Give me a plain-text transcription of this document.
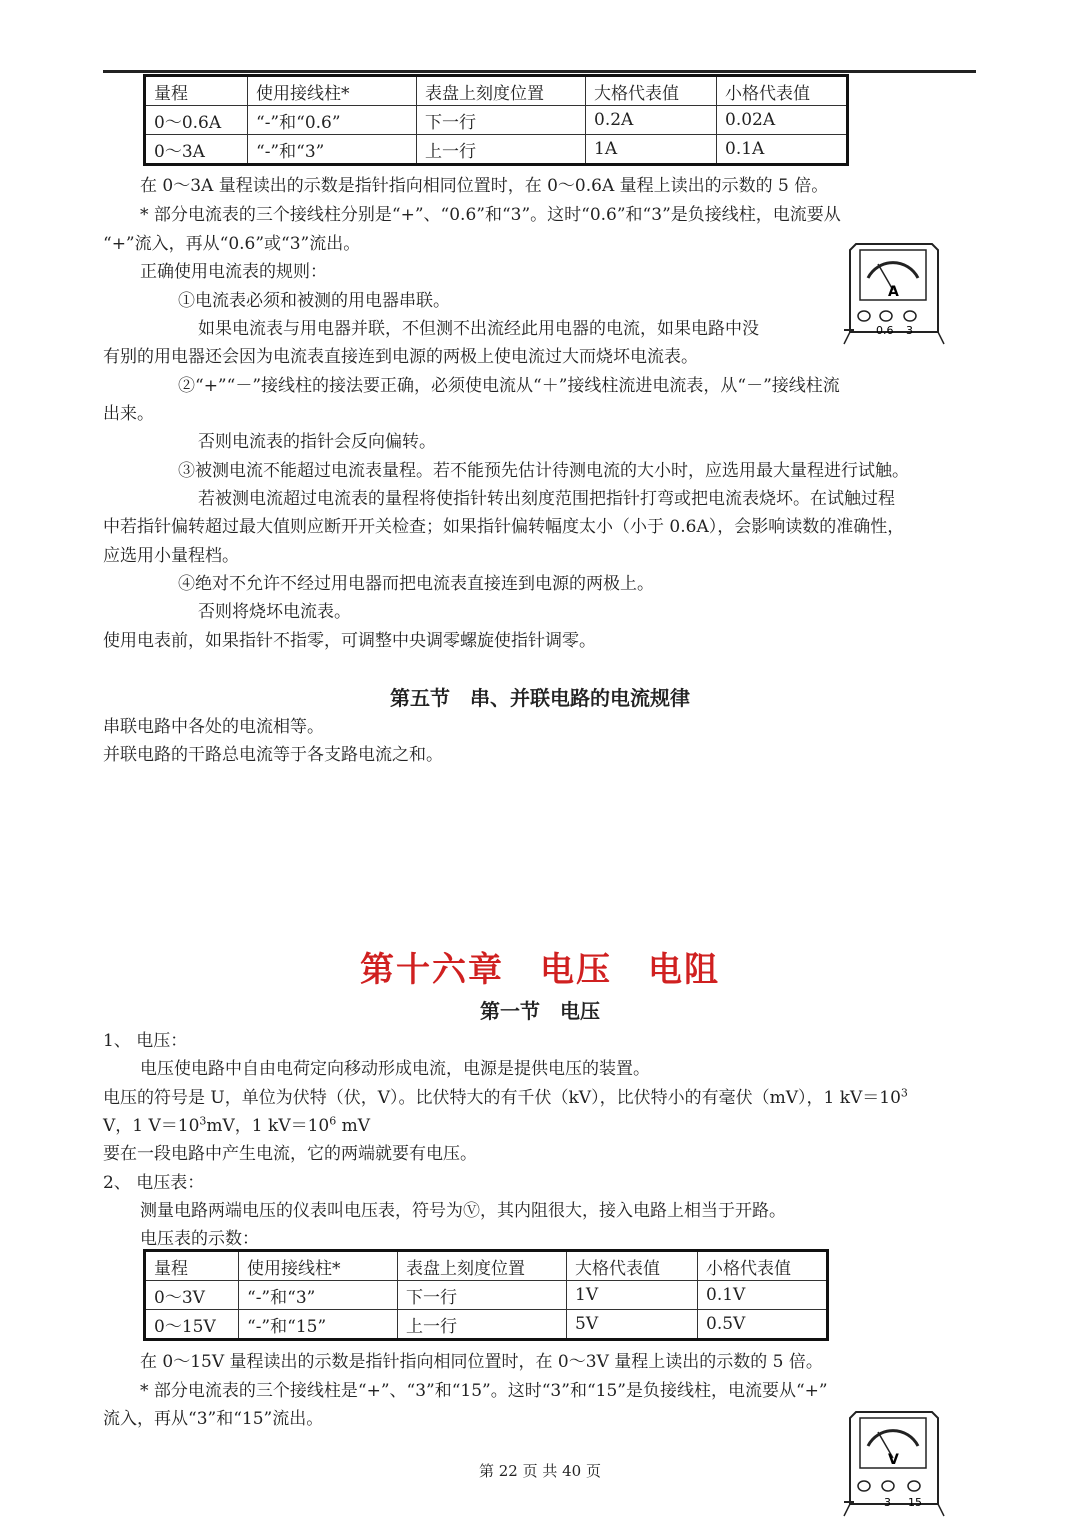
量程	使用接线柱*	表盘上刻度位置	大格代表值	小格代表值
0～0.6A	“-”和“0.6”	下一行	0.2A	0.02A
0～3A	“-”和“3”	上一行	1A	0.1A
在 0～3A 量程读出的示数是指针指向相同位置时，在 0～0.6A 量程上读出的示数的 5 倍。
* 部分电流表的三个接线柱分别是“+”、“0.6”和“3”。这时“0.6”和“3”是负接线柱，电流要从
“+”流入，再从“0.6”或“3”流出。
A
0.6 3
正确使用电流表的规则：
①电流表必须和被测的用电器串联。
如果电流表与用电器并联，不但测不出流经此用电器的电流，如果电路中没
有别的用电器还会因为电流表直接连到电源的两极上使电流过大而烧坏电流表。
②“+”“－”接线柱的接法要正确，必须使电流从“＋”接线柱流进电流表，从“－”接线柱流
出来。
否则电流表的指针会反向偏转。
③被测电流不能超过电流表量程。若不能预先估计待测电流的大小时，应选用最大量程进行试触。
若被测电流超过电流表的量程将使指针转出刻度范围把指针打弯或把电流表烧坏。在试触过程
中若指针偏转超过最大值则应断开开关检查；如果指针偏转幅度太小（小于 0.6A），会影响读数的准确性，
应选用小量程档。
④绝对不允许不经过用电器而把电流表直接连到电源的两极上。
否则将烧坏电流表。
使用电表前，如果指针不指零，可调整中央调零螺旋使指针调零。
第五节　串、并联电路的电流规律
串联电路中各处的电流相等。
并联电路的干路总电流等于各支路电流之和。
第十六章　电压　电阻
第一节　电压
1、 电压：
电压使电路中自由电荷定向移动形成电流，电源是提供电压的装置。
电压的符号是 U，单位为伏特（伏，V）。比伏特大的有千伏（kV），比伏特小的有毫伏（mV），1 $kV=10^3$
V，1 $V=10^3mV$，1 $kV=10^6$ mV
要在一段电路中产生电流，它的两端就要有电压。
2、 电压表：
测量电路两端电压的仪表叫电压表，符号为Ⓥ，其内阻很大，接入电路上相当于开路。
电压表的示数：
量程	使用接线柱*	表盘上刻度位置	大格代表值	小格代表值
0～3V	“-”和“3”	下一行	1V	0.1V
0～15V	“-”和“15”	上一行	5V	0.5V
在 0～15V 量程读出的示数是指针指向相同位置时，在 0～3V 量程上读出的示数的 5 倍。
* 部分电流表的三个接线柱是“+”、“3”和“15”。这时“3”和“15”是负接线柱，电流要从“+”
流入，再从“3”和“15”流出。
V
3 15
第 22 页 共 40 页
